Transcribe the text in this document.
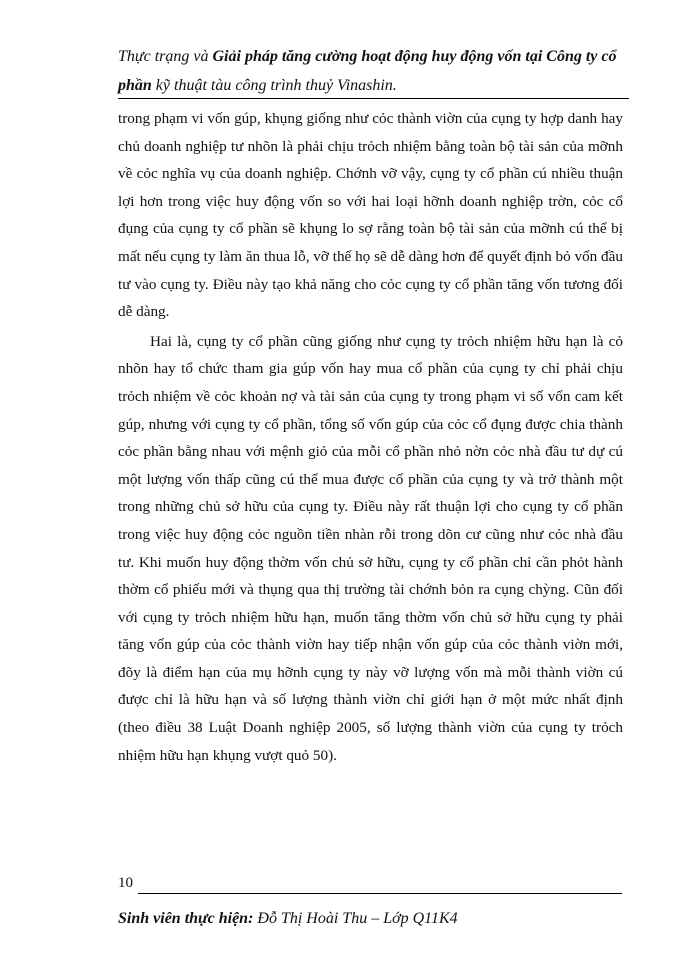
Thực trạng và Giải pháp tăng cường hoạt động huy động vốn tại Công ty cổ phần kỹ thuật tàu công trình thuỷ Vinashin.

trong phạm vi vốn gúp, khụng giống như cỏc thành viờn của cụng ty hợp danh hay chủ doanh nghiệp tư nhõn là phải chịu trỏch nhiệm bằng toàn bộ tài sản của mỡnh về cỏc nghĩa vụ của doanh nghiệp. Chớnh vỡ vậy, cụng ty cổ phần cú nhiều thuận lợi hơn trong việc huy động vốn so với hai loại hỡnh doanh nghiệp trờn, cỏc cổ đụng của cụng ty cổ phần sẽ khụng lo sợ rằng toàn bộ tài sản của mỡnh cú thể bị mất nếu cụng ty làm ăn thua lỗ, vỡ thế họ sẽ dễ dàng hơn để quyết định bỏ vốn đầu tư vào cụng ty. Điều này tạo khả năng cho cỏc cụng ty cổ phần tăng vốn tương đối dễ dàng.

Hai là, cụng ty cổ phần cũng giống như cụng ty trỏch nhiệm hữu hạn là cỏ nhõn hay tổ chức tham gia gúp vốn hay mua cổ phần của cụng ty chỉ phải chịu trỏch nhiệm về cỏc khoản nợ và tài sản của cụng ty trong phạm vi số vốn cam kết gúp, nhưng với cụng ty cổ phần, tổng số vốn gúp của cỏc cổ đụng được chia thành cỏc phần bằng nhau với mệnh giỏ của mỗi cổ phần nhỏ nờn cỏc nhà đầu tư dự cú một lượng vốn thấp cũng cú thể mua được cổ phần của cụng ty và trở thành một trong những chủ sở hữu của cụng ty. Điều này rất thuận lợi cho cụng ty cổ phần trong việc huy động cỏc nguồn tiền nhàn rỗi trong dõn cư cũng như cỏc nhà đầu tư. Khi muốn huy động thờm vốn chủ sở hữu, cụng ty cổ phần chỉ cần phỏt hành thờm cổ phiếu mới và thụng qua thị trường tài chớnh bỏn ra cụng chỳng. Cũn đối với cụng ty trỏch nhiệm hữu hạn, muốn tăng thờm vốn chủ sở hữu cụng ty phải tăng vốn gúp của cỏc thành viờn hay tiếp nhận vốn gúp của cỏc thành viờn mới, đõy là điểm hạn của mụ hỡnh cụng ty này vỡ lượng vốn mà mỗi thành viờn cú được chỉ là hữu hạn và số lượng thành viờn chỉ giới hạn ở một mức nhất định (theo điều 38 Luật Doanh nghiệp 2005, số lượng thành viờn của cụng ty trỏch nhiệm hữu hạn khụng vượt quỏ 50).

10
Sinh viên thực hiện: Đỗ Thị Hoài Thu – Lớp Q11K4
